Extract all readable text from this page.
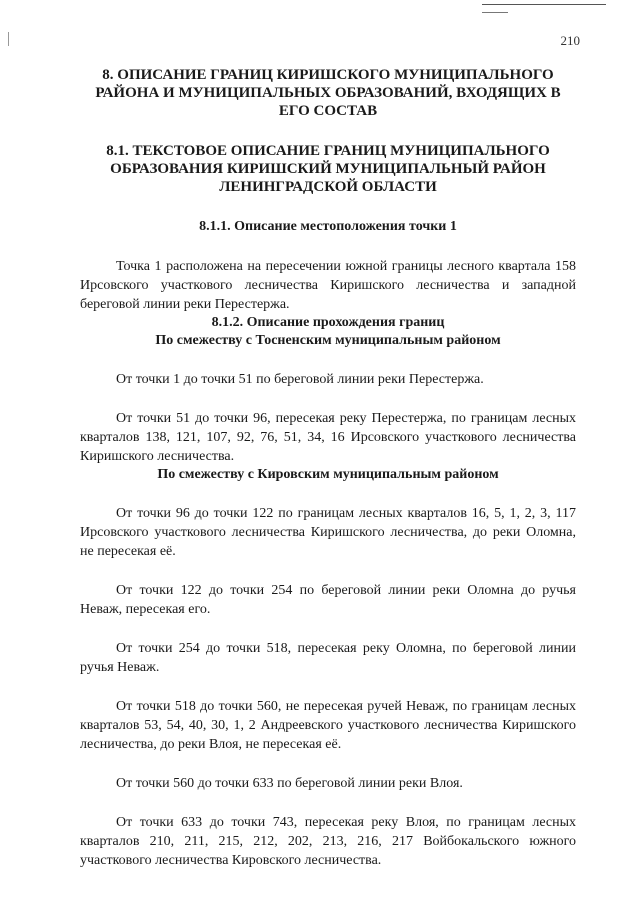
210

8. ОПИСАНИЕ ГРАНИЦ КИРИШСКОГО МУНИЦИПАЛЬНОГО РАЙОНА И МУНИЦИПАЛЬНЫХ ОБРАЗОВАНИЙ, ВХОДЯЩИХ В ЕГО СОСТАВ

8.1. ТЕКСТОВОЕ ОПИСАНИЕ ГРАНИЦ МУНИЦИПАЛЬНОГО ОБРАЗОВАНИЯ КИРИШСКИЙ МУНИЦИПАЛЬНЫЙ РАЙОН ЛЕНИНГРАДСКОЙ ОБЛАСТИ

8.1.1. Описание местоположения точки 1

Точка 1 расположена на пересечении южной границы лесного квартала 158 Ирсовского участкового лесничества Киришского лесничества и западной береговой линии реки Перестержа.

8.1.2. Описание прохождения границ

По смежеству с Тосненским муниципальным районом

От точки 1 до точки 51 по береговой линии реки Перестержа.

От точки 51 до точки 96, пересекая реку Перестержа, по границам лесных кварталов 138, 121, 107, 92, 76, 51, 34, 16 Ирсовского участкового лесничества Киришского лесничества.

По смежеству с Кировским муниципальным районом

От точки 96 до точки 122 по границам лесных кварталов 16, 5, 1, 2, 3, 117 Ирсовского участкового лесничества Киришского лесничества, до реки Оломна, не пересекая её.

От точки 122 до точки 254 по береговой линии реки Оломна до ручья Неваж, пересекая его.

От точки 254 до точки 518, пересекая реку Оломна, по береговой линии ручья Неваж.

От точки 518 до точки 560, не пересекая ручей Неваж, по границам лесных кварталов 53, 54, 40, 30, 1, 2 Андреевского участкового лесничества Киришского лесничества, до реки Влоя, не пересекая её.

От точки 560 до точки 633 по береговой линии реки Влоя.

От точки 633 до точки 743, пересекая реку Влоя, по границам лесных кварталов 210, 211, 215, 212, 202, 213, 216, 217 Войбокальского южного участкового лесничества Кировского лесничества.
